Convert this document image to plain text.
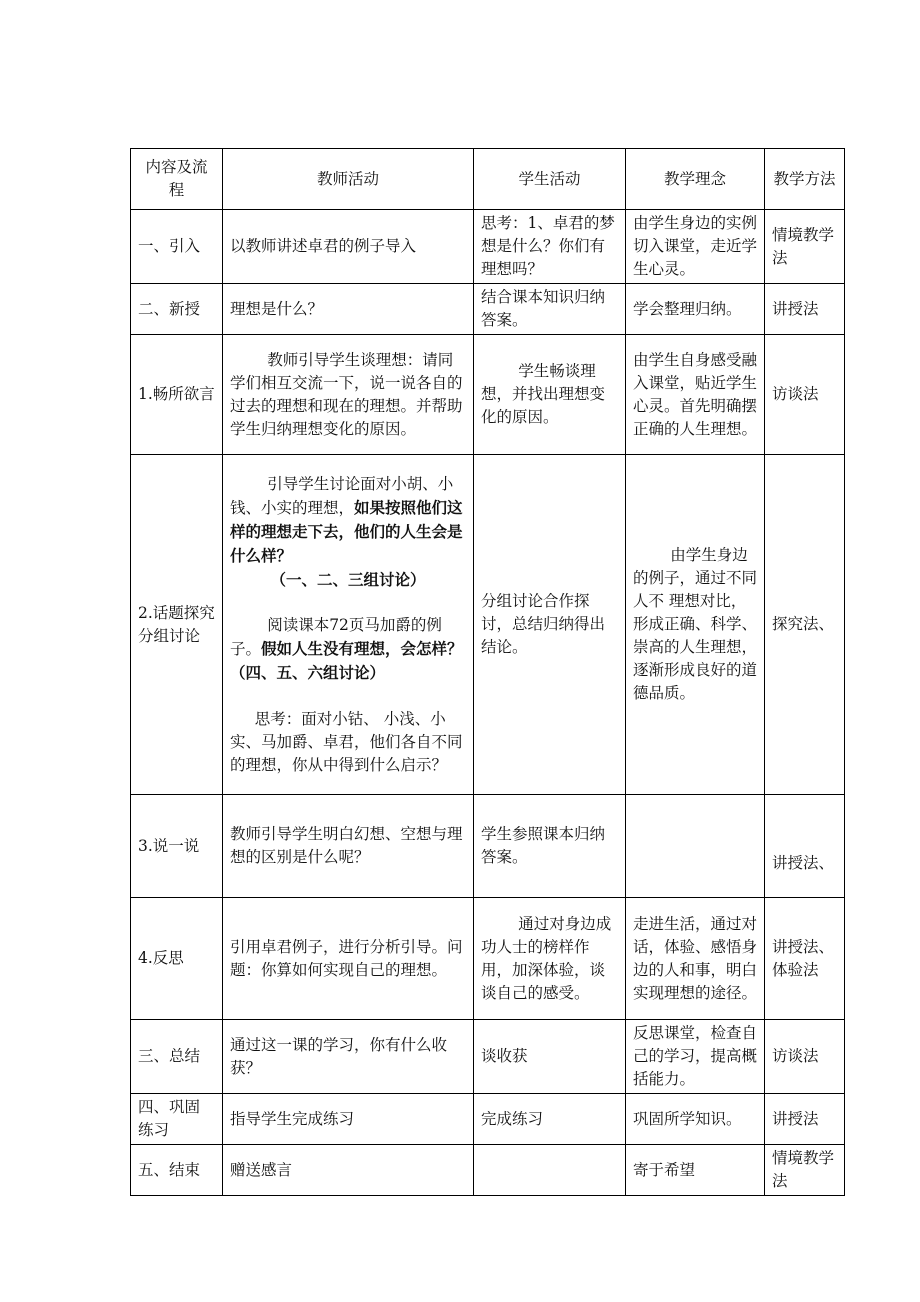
内容及流程	教师活动	学生活动	教学理念	教学方法
一、引入	以教师讲述卓君的例子导入	思考：1、卓君的梦想是什么？你们有理想吗？	由学生身边的实例切入课堂，走近学生心灵。	情境教学法
二、新授	理想是什么？	结合课本知识归纳答案。	学会整理归纳。	讲授法
1.畅所欲言	教师引导学生谈理想：请同学们相互交流一下，说一说各自的过去的理想和现在的理想。并帮助学生归纳理想变化的原因。	学生畅谈理想，并找出理想变化的原因。	由学生自身感受融入课堂，贴近学生心灵。首先明确摆正确的人生理想。	访谈法
2.话题探究分组讨论	引导学生讨论面对小胡、小钱、小实的理想，如果按照他们这样的理想走下去，他们的人生会是什么样？
（一、二、三组讨论）
阅读课本72页马加爵的例子。假如人生没有理想，会怎样？（四、五、六组讨论）
思考：面对小钴、 小浅、小实、马加爵、卓君，他们各自不同的理想，你从中得到什么启示？	分组讨论合作探讨，总结归纳得出结论。	由学生身边的例子，通过不同人不 理想对比，形成正确、科学、崇高的人生理想，逐渐形成良好的道德品质。	探究法、
3.说一说	教师引导学生明白幻想、空想与理想的区别是什么呢？	学生参照课本归纳答案。		讲授法、
4.反思	引用卓君例子，进行分析引导。问题：你算如何实现自己的理想。	通过对身边成功人士的榜样作用，加深体验，谈谈自己的感受。	走进生活，通过对话，体验、感悟身边的人和事，明白实现理想的途径。	讲授法、体验法
三、总结	通过这一课的学习，你有什么收获？	谈收获	反思课堂，检查自己的学习，提高概括能力。	访谈法
四、巩固练习	指导学生完成练习	完成练习	巩固所学知识。	讲授法
五、结束	赠送感言		寄于希望	情境教学法
